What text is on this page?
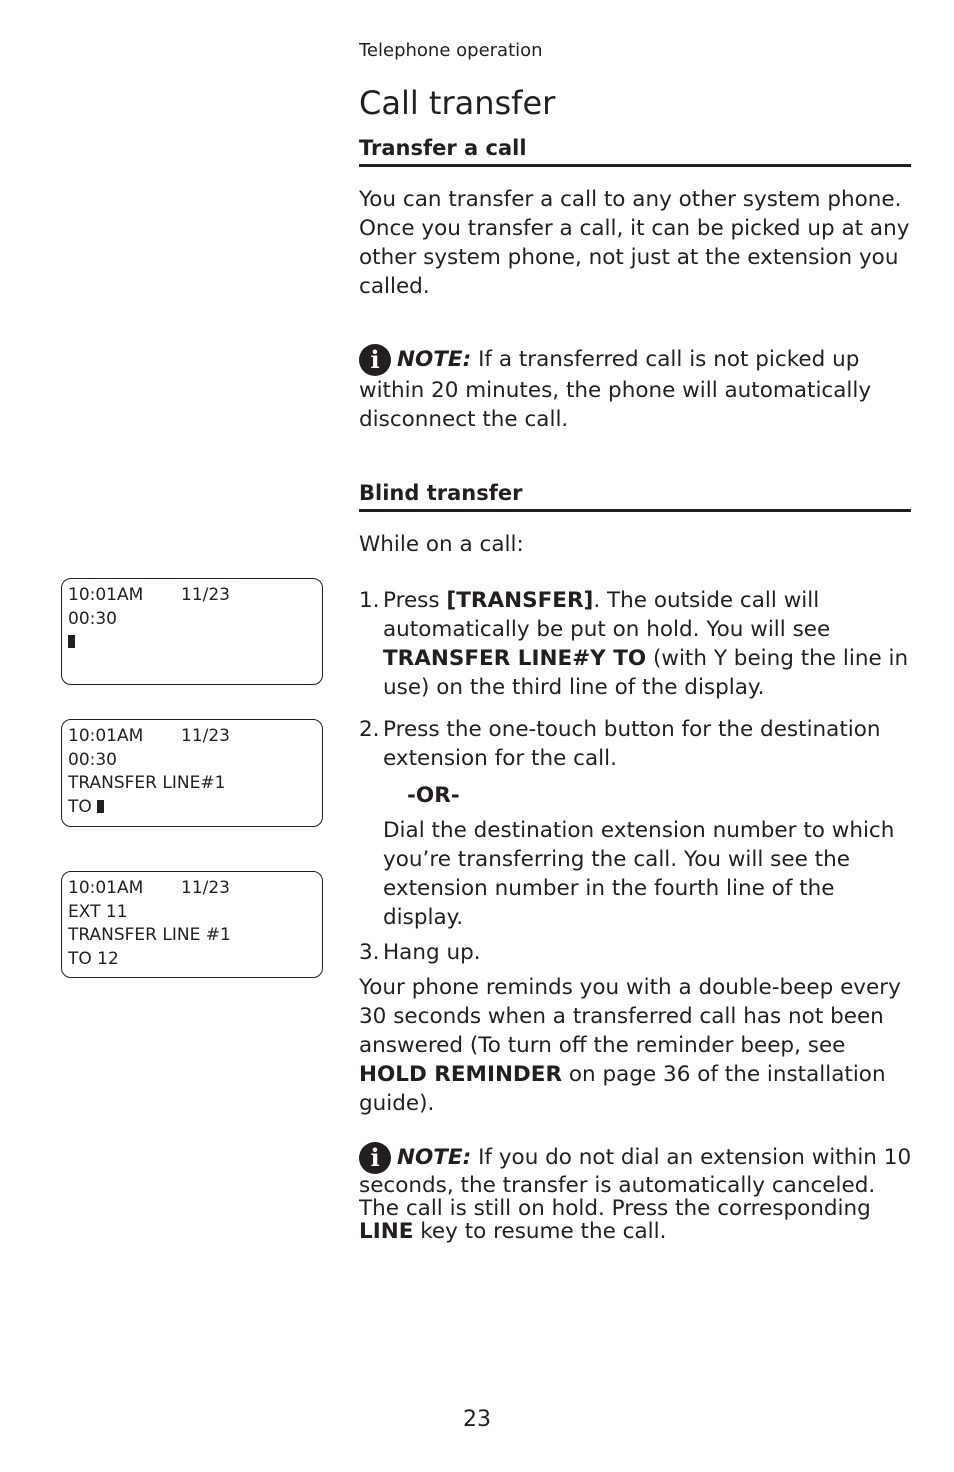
Telephone operation
Call transfer
Transfer a call
You can transfer a call to any other system phone. Once you transfer a call, it can be picked up at any other system phone, not just at the extension you called.
i NOTE: If a transferred call is not picked up within 20 minutes, the phone will automatically disconnect the call.
Blind transfer
While on a call:
1. Press [TRANSFER]. The outside call will automatically be put on hold. You will see TRANSFER LINE#Y TO (with Y being the line in use) on the third line of the display.
2. Press the one-touch button for the destination extension for the call.
-OR-
Dial the destination extension number to which you’re transferring the call. You will see the extension number in the fourth line of the display.
3. Hang up.
Your phone reminds you with a double-beep every 30 seconds when a transferred call has not been answered (To turn off the reminder beep, see HOLD REMINDER on page 36 of the installation guide).
i NOTE: If you do not dial an extension within 10 seconds, the transfer is automatically canceled. The call is still on hold. Press the corresponding LINE key to resume the call.
10:01AM 11/23
00:30
10:01AM 11/23
00:30
TRANSFER LINE#1
TO
10:01AM 11/23
EXT 11
TRANSFER LINE #1
TO 12
23
